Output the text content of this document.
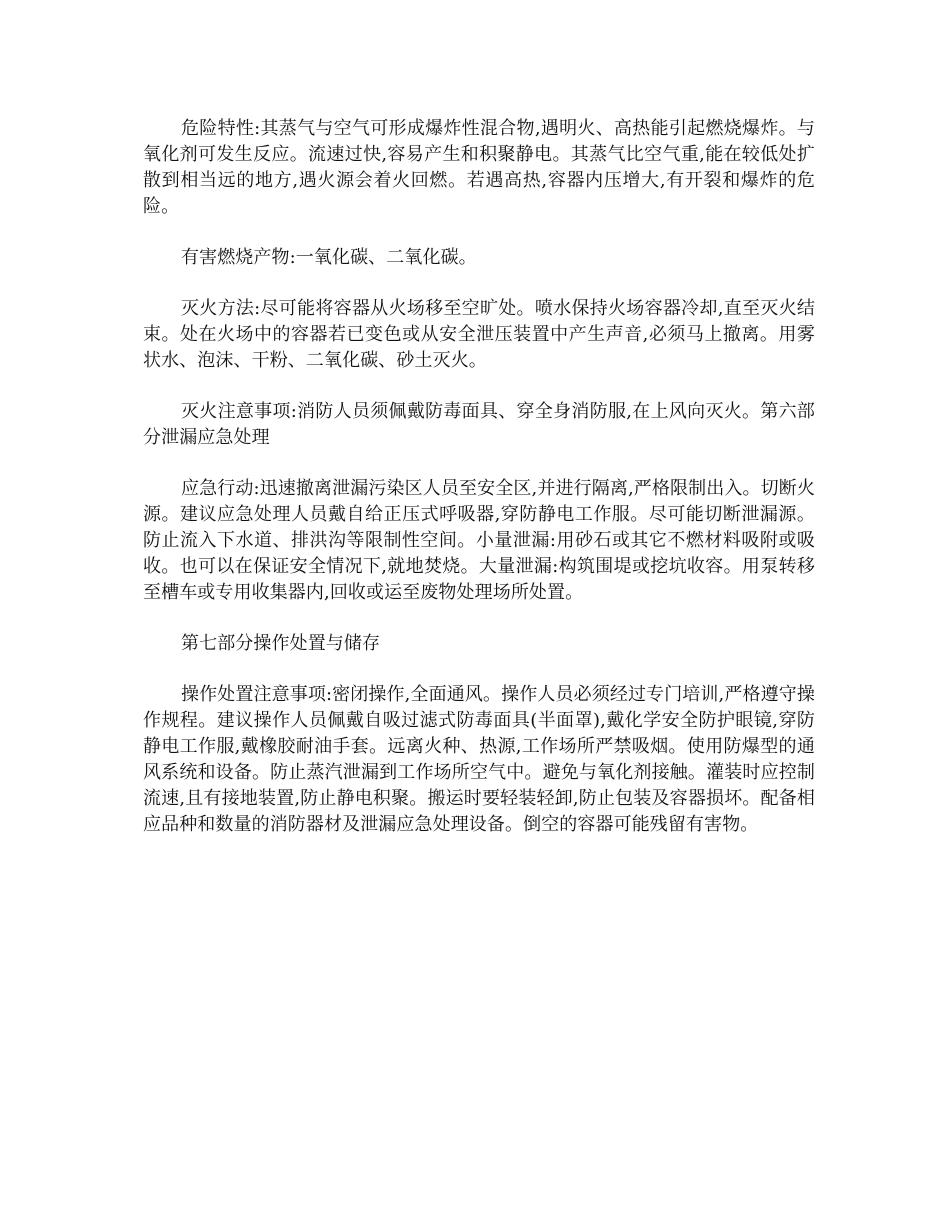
危险特性:其蒸气与空气可形成爆炸性混合物,遇明火、高热能引起燃烧爆炸。与氧化剂可发生反应。流速过快,容易产生和积聚静电。其蒸气比空气重,能在较低处扩散到相当远的地方,遇火源会着火回燃。若遇高热,容器内压增大,有开裂和爆炸的危险。

有害燃烧产物:一氧化碳、二氧化碳。

灭火方法:尽可能将容器从火场移至空旷处。喷水保持火场容器冷却,直至灭火结束。处在火场中的容器若已变色或从安全泄压装置中产生声音,必须马上撤离。用雾状水、泡沫、干粉、二氧化碳、砂土灭火。

灭火注意事项:消防人员须佩戴防毒面具、穿全身消防服,在上风向灭火。第六部分泄漏应急处理

应急行动:迅速撤离泄漏污染区人员至安全区,并进行隔离,严格限制出入。切断火源。建议应急处理人员戴自给正压式呼吸器,穿防静电工作服。尽可能切断泄漏源。防止流入下水道、排洪沟等限制性空间。小量泄漏:用砂石或其它不燃材料吸附或吸收。也可以在保证安全情况下,就地焚烧。大量泄漏:构筑围堤或挖坑收容。用泵转移至槽车或专用收集器内,回收或运至废物处理场所处置。

第七部分操作处置与储存

操作处置注意事项:密闭操作,全面通风。操作人员必须经过专门培训,严格遵守操作规程。建议操作人员佩戴自吸过滤式防毒面具(半面罩),戴化学安全防护眼镜,穿防静电工作服,戴橡胶耐油手套。远离火种、热源,工作场所严禁吸烟。使用防爆型的通风系统和设备。防止蒸汽泄漏到工作场所空气中。避免与氧化剂接触。灌装时应控制流速,且有接地装置,防止静电积聚。搬运时要轻装轻卸,防止包装及容器损坏。配备相应品种和数量的消防器材及泄漏应急处理设备。倒空的容器可能残留有害物。
